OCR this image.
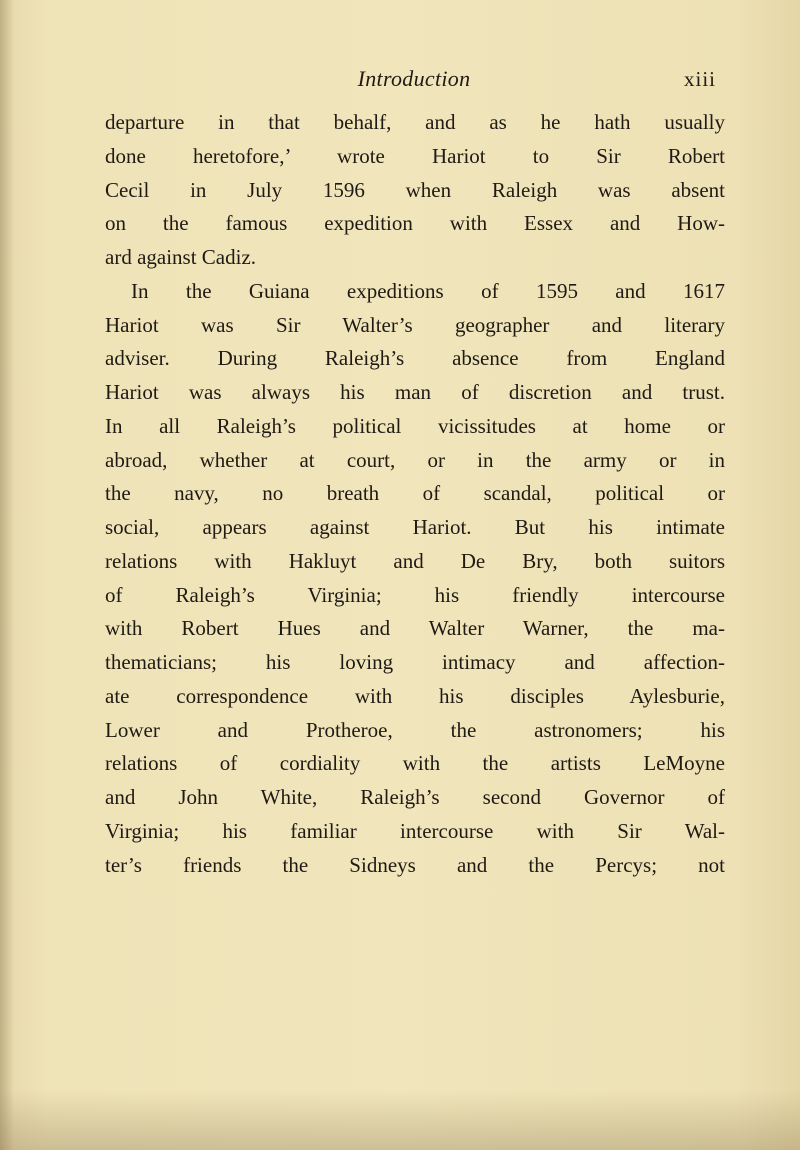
Introduction	xiii
departure in that behalf, and as he hath usually
done heretofore,’ wrote Hariot to Sir Robert
Cecil in July 1596 when Raleigh was absent
on the famous expedition with Essex and How-
ard against Cadiz.
In the Guiana expeditions of 1595 and 1617
Hariot was Sir Walter’s geographer and literary
adviser. During Raleigh’s absence from England
Hariot was always his man of discretion and trust.
In all Raleigh’s political vicissitudes at home or
abroad, whether at court, or in the army or in
the navy, no breath of scandal, political or
social, appears against Hariot. But his intimate
relations with Hakluyt and De Bry, both suitors
of Raleigh’s Virginia; his friendly intercourse
with Robert Hues and Walter Warner, the ma-
thematicians; his loving intimacy and affection-
ate correspondence with his disciples Aylesburie,
Lower and Protheroe, the astronomers; his
relations of cordiality with the artists LeMoyne
and John White, Raleigh’s second Governor of
Virginia; his familiar intercourse with Sir Wal-
ter’s friends the Sidneys and the Percys; not
